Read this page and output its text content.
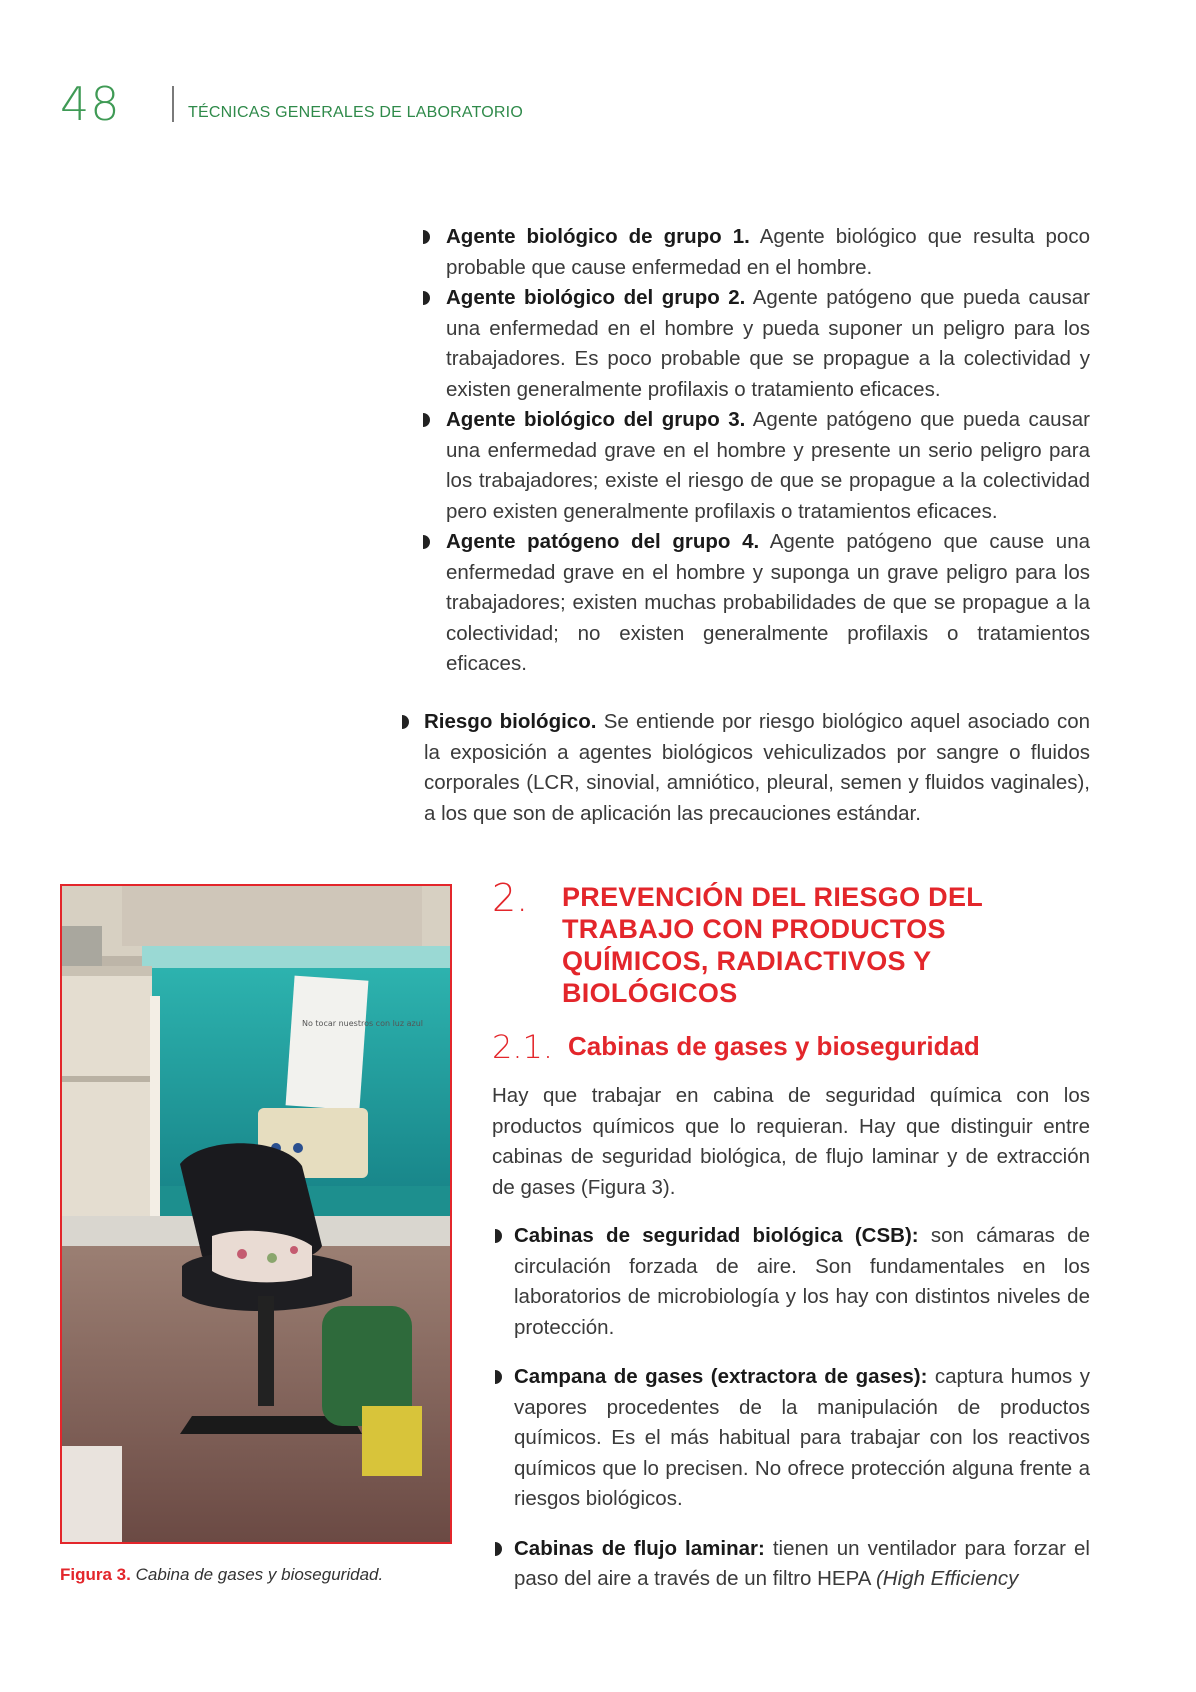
48	TÉCNICAS GENERALES DE LABORATORIO
Agente biológico de grupo 1. Agente biológico que resulta poco probable que cause enfermedad en el hombre.
Agente biológico del grupo 2. Agente patógeno que pueda causar una enfermedad en el hombre y pueda suponer un peligro para los trabajadores. Es poco probable que se propague a la colectividad y existen generalmente profilaxis o tratamiento eficaces.
Agente biológico del grupo 3. Agente patógeno que pueda causar una enfermedad grave en el hombre y presente un serio peligro para los trabajadores; existe el riesgo de que se propague a la colectividad pero existen generalmente profilaxis o tratamientos eficaces.
Agente patógeno del grupo 4. Agente patógeno que cause una enfermedad grave en el hombre y suponga un grave peligro para los trabajadores; existen muchas probabilidades de que se propague a la colectividad; no existen generalmente profilaxis o tratamientos eficaces.
Riesgo biológico. Se entiende por riesgo biológico aquel asociado con la exposición a agentes biológicos vehiculizados por sangre o fluidos corporales (LCR, sinovial, amniótico, pleural, semen y fluidos vaginales), a los que son de aplicación las precauciones estándar.
No tocar nuestros con luz azul
Figura 3. Cabina de gases y bioseguridad.
2. PREVENCIÓN DEL RIESGO DEL TRABAJO CON PRODUCTOS QUÍMICOS, RADIACTIVOS Y BIOLÓGICOS
2.1. Cabinas de gases y bioseguridad
Hay que trabajar en cabina de seguridad química con los productos químicos que lo requieran. Hay que distinguir entre cabinas de seguridad biológica, de flujo laminar y de extracción de gases (Figura 3).
Cabinas de seguridad biológica (CSB): son cámaras de circulación forzada de aire. Son fundamentales en los laboratorios de microbiología y los hay con distintos niveles de protección.
Campana de gases (extractora de gases): captura humos y vapores procedentes de la manipulación de productos químicos. Es el más habitual para trabajar con los reactivos químicos que lo precisen. No ofrece protección alguna frente a riesgos biológicos.
Cabinas de flujo laminar: tienen un ventilador para forzar el paso del aire a través de un filtro HEPA (High Efficiency
